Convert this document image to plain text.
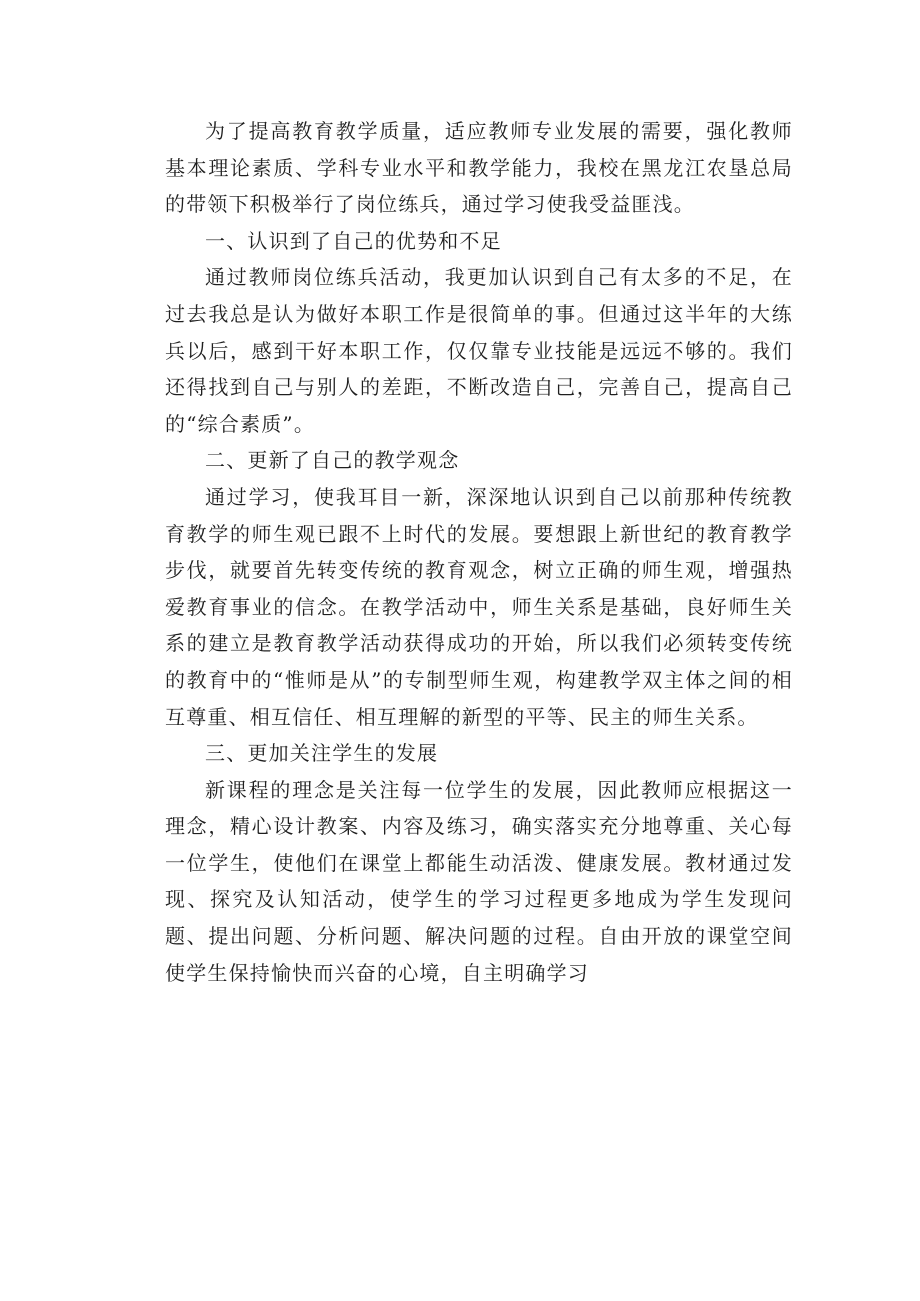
为了提高教育教学质量，适应教师专业发展的需要，强化教师基本理论素质、学科专业水平和教学能力，我校在黑龙江农垦总局的带领下积极举行了岗位练兵，通过学习使我受益匪浅。

一、认识到了自己的优势和不足

通过教师岗位练兵活动，我更加认识到自己有太多的不足，在过去我总是认为做好本职工作是很简单的事。但通过这半年的大练兵以后，感到干好本职工作，仅仅靠专业技能是远远不够的。我们还得找到自己与别人的差距，不断改造自己，完善自己，提高自己的“综合素质”。

二、更新了自己的教学观念

通过学习，使我耳目一新，深深地认识到自己以前那种传统教育教学的师生观已跟不上时代的发展。要想跟上新世纪的教育教学步伐，就要首先转变传统的教育观念，树立正确的师生观，增强热爱教育事业的信念。在教学活动中，师生关系是基础，良好师生关系的建立是教育教学活动获得成功的开始，所以我们必须转变传统的教育中的“惟师是从”的专制型师生观，构建教学双主体之间的相互尊重、相互信任、相互理解的新型的平等、民主的师生关系。

三、更加关注学生的发展

新课程的理念是关注每一位学生的发展，因此教师应根据这一理念，精心设计教案、内容及练习，确实落实充分地尊重、关心每一位学生，使他们在课堂上都能生动活泼、健康发展。教材通过发现、探究及认知活动，使学生的学习过程更多地成为学生发现问题、提出问题、分析问题、解决问题的过程。自由开放的课堂空间使学生保持愉快而兴奋的心境，自主明确学习
